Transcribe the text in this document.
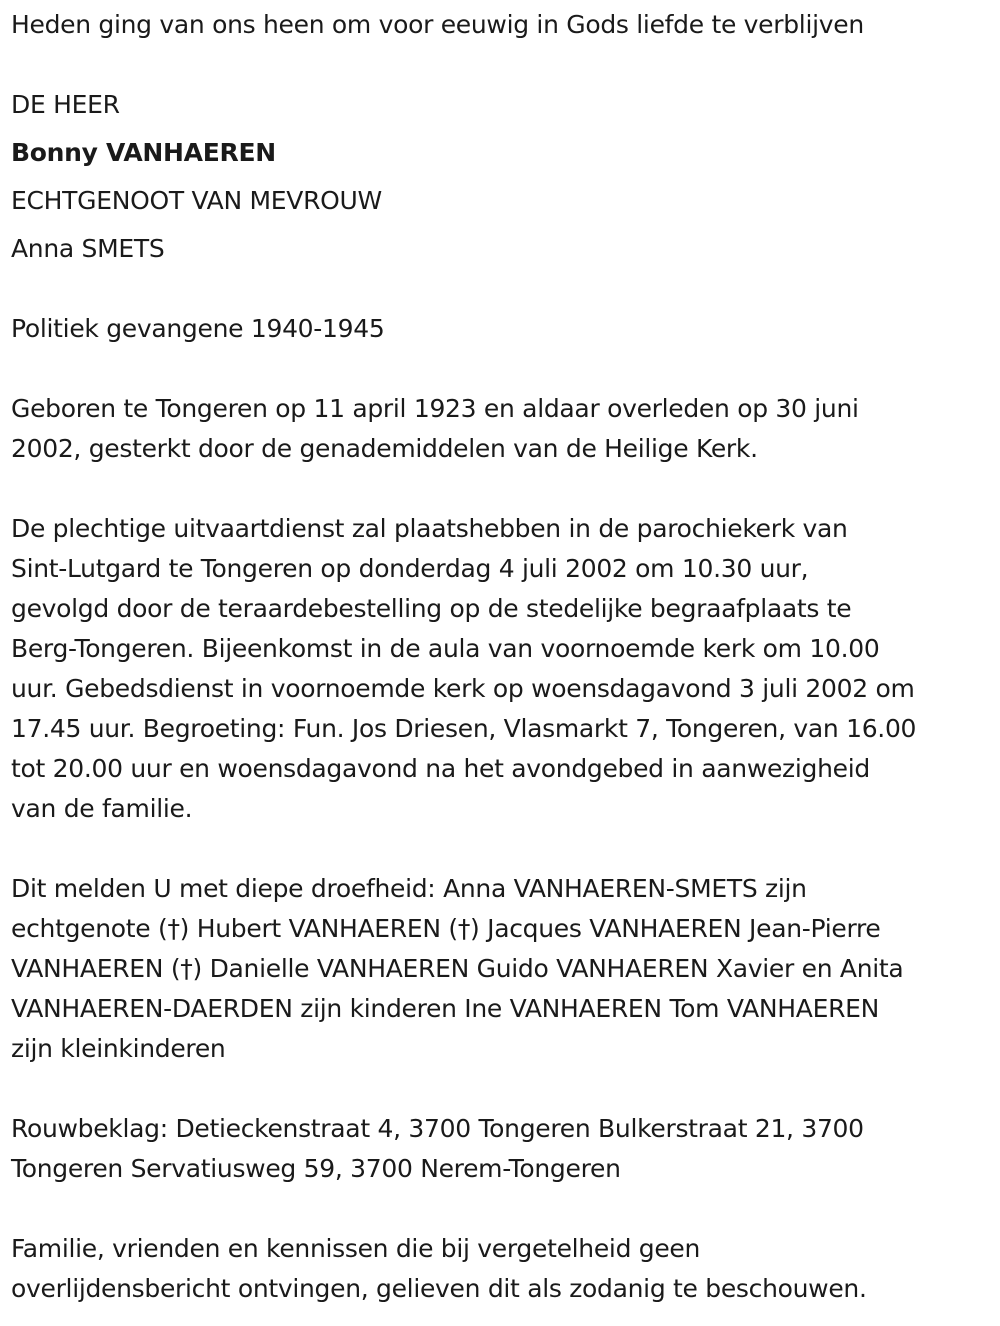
Heden ging van ons heen om voor eeuwig in Gods liefde te verblijven
DE HEER
Bonny VANHAEREN
ECHTGENOOT VAN MEVROUW
Anna SMETS
Politiek gevangene 1940-1945
Geboren te Tongeren op 11 april 1923 en aldaar overleden op 30 juni
2002, gesterkt door de genademiddelen van de Heilige Kerk.
De plechtige uitvaartdienst zal plaatshebben in de parochiekerk van
Sint-Lutgard te Tongeren op donderdag 4 juli 2002 om 10.30 uur,
gevolgd door de teraardebestelling op de stedelijke begraafplaats te
Berg-Tongeren. Bijeenkomst in de aula van voornoemde kerk om 10.00
uur. Gebedsdienst in voornoemde kerk op woensdagavond 3 juli 2002 om
17.45 uur. Begroeting: Fun. Jos Driesen, Vlasmarkt 7, Tongeren, van 16.00
tot 20.00 uur en woensdagavond na het avondgebed in aanwezigheid
van de familie.
Dit melden U met diepe droefheid: Anna VANHAEREN-SMETS zijn
echtgenote (†) Hubert VANHAEREN (†) Jacques VANHAEREN Jean-Pierre
VANHAEREN (†) Danielle VANHAEREN Guido VANHAEREN Xavier en Anita
VANHAEREN-DAERDEN zijn kinderen Ine VANHAEREN Tom VANHAEREN
zijn kleinkinderen
Rouwbeklag: Detieckenstraat 4, 3700 Tongeren Bulkerstraat 21, 3700
Tongeren Servatiusweg 59, 3700 Nerem-Tongeren
Familie, vrienden en kennissen die bij vergetelheid geen
overlijdensbericht ontvingen, gelieven dit als zodanig te beschouwen.
